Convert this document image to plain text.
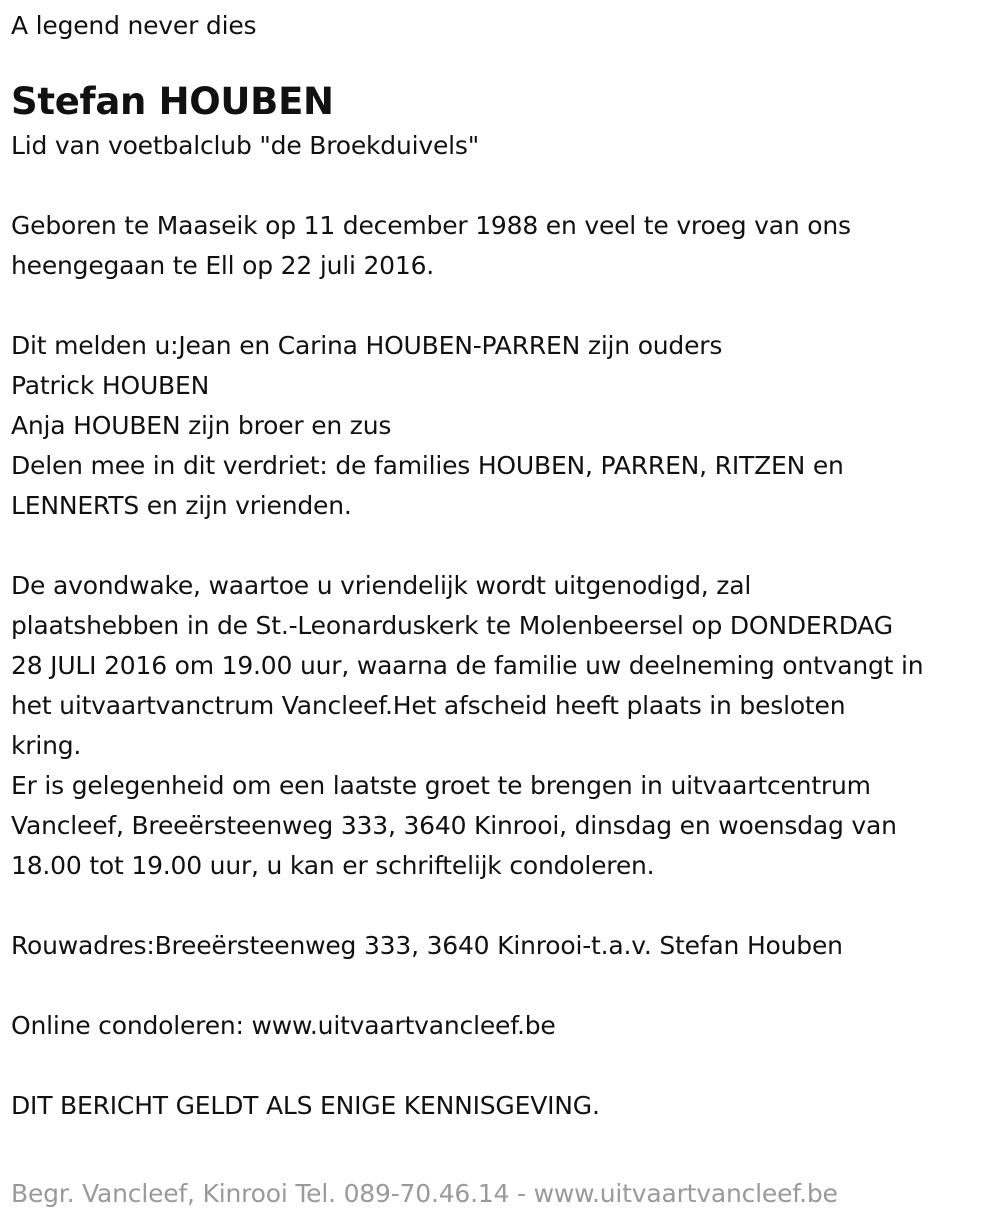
A legend never dies
Stefan HOUBEN
Lid van voetbalclub "de Broekduivels"
Geboren te Maaseik op 11 december 1988 en veel te vroeg van ons
heengegaan te Ell op 22 juli 2016.
Dit melden u:Jean en Carina HOUBEN-PARREN zijn ouders
Patrick HOUBEN
Anja HOUBEN zijn broer en zus
Delen mee in dit verdriet: de families HOUBEN, PARREN, RITZEN en
LENNERTS en zijn vrienden.
De avondwake, waartoe u vriendelijk wordt uitgenodigd, zal
plaatshebben in de St.-Leonarduskerk te Molenbeersel op DONDERDAG
28 JULI 2016 om 19.00 uur, waarna de familie uw deelneming ontvangt in
het uitvaartvanctrum Vancleef.Het afscheid heeft plaats in besloten
kring.
Er is gelegenheid om een laatste groet te brengen in uitvaartcentrum
Vancleef, Breeërsteenweg 333, 3640 Kinrooi, dinsdag en woensdag van
18.00 tot 19.00 uur, u kan er schriftelijk condoleren.
Rouwadres:Breeërsteenweg 333, 3640 Kinrooi-t.a.v. Stefan Houben
Online condoleren: www.uitvaartvancleef.be
DIT BERICHT GELDT ALS ENIGE KENNISGEVING.
Begr. Vancleef, Kinrooi Tel. 089-70.46.14 - www.uitvaartvancleef.be
